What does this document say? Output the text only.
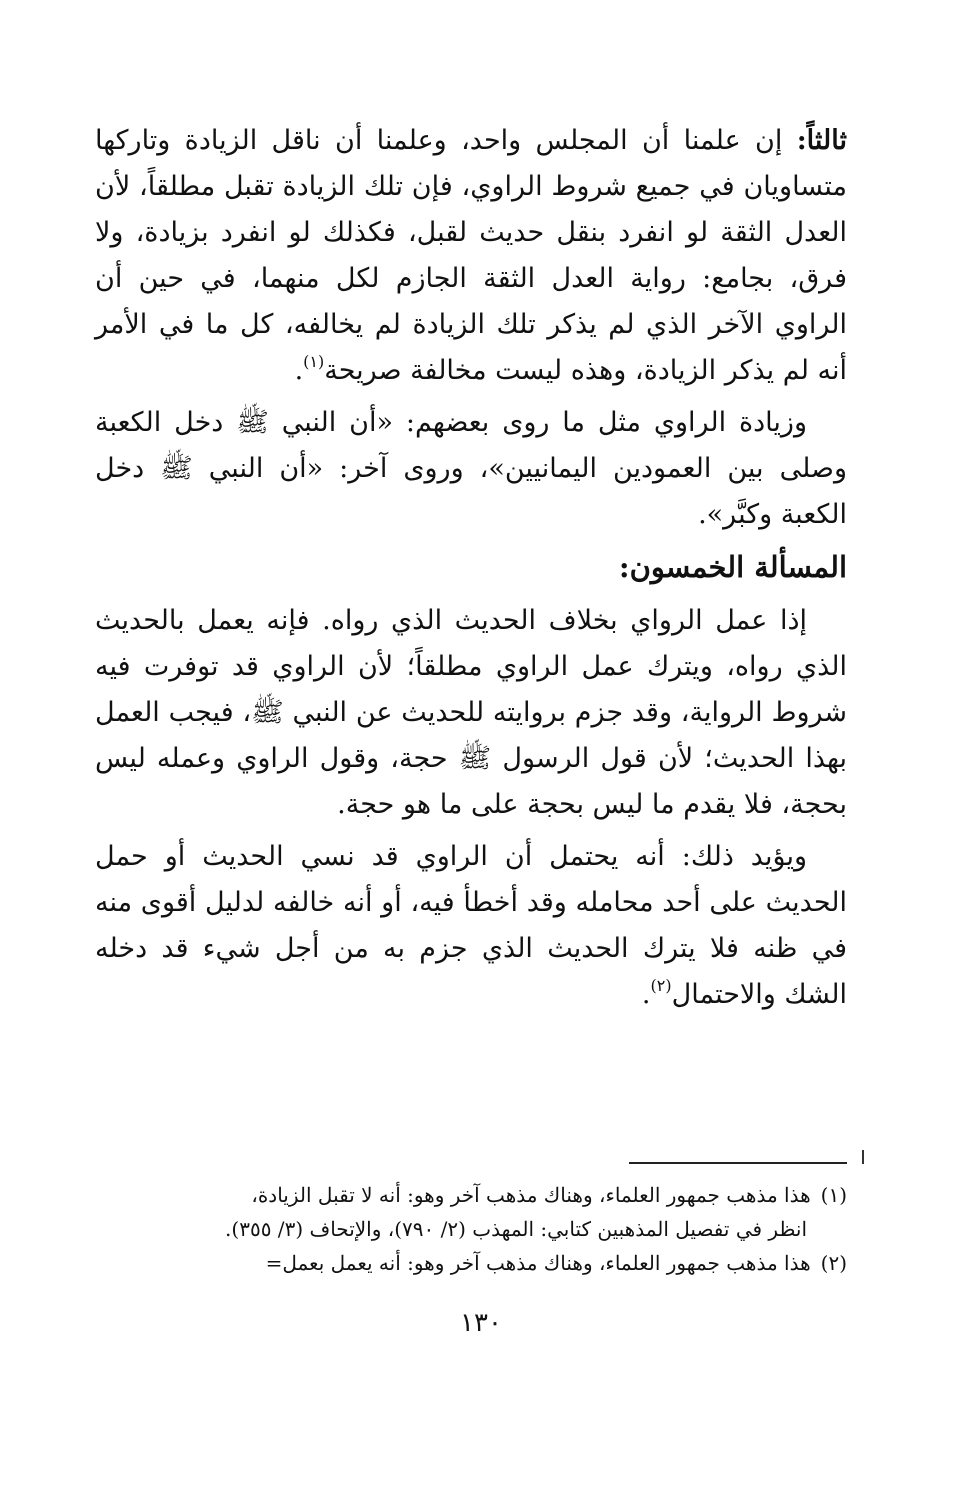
ثالثاً: إن علمنا أن المجلس واحد، وعلمنا أن ناقل الزيادة وتاركها متساويان في جميع شروط الراوي، فإن تلك الزيادة تقبل مطلقاً، لأن العدل الثقة لو انفرد بنقل حديث لقبل، فكذلك لو انفرد بزيادة، ولا فرق، بجامع: رواية العدل الثقة الجازم لكل منهما، في حين أن الراوي الآخر الذي لم يذكر تلك الزيادة لم يخالفه، كل ما في الأمر أنه لم يذكر الزيادة، وهذه ليست مخالفة صريحة$^{(١)}$.

وزيادة الراوي مثل ما روى بعضهم: «أن النبي ﷺ دخل الكعبة وصلى بين العمودين اليمانيين»، وروى آخر: «أن النبي ﷺ دخل الكعبة وكبَّر».

المسألة الخمسون:

إذا عمل الرواي بخلاف الحديث الذي رواه. فإنه يعمل بالحديث الذي رواه، ويترك عمل الراوي مطلقاً؛ لأن الراوي قد توفرت فيه شروط الرواية، وقد جزم بروايته للحديث عن النبي ﷺ، فيجب العمل بهذا الحديث؛ لأن قول الرسول ﷺ حجة، وقول الراوي وعمله ليس بحجة، فلا يقدم ما ليس بحجة على ما هو حجة.

ويؤيد ذلك: أنه يحتمل أن الراوي قد نسي الحديث أو حمل الحديث على أحد محامله وقد أخطأ فيه، أو أنه خالفه لدليل أقوى منه في ظنه فلا يترك الحديث الذي جزم به من أجل شيء قد دخله الشك والاحتمال$^{(٢)}$.

(١)هذا مذهب جمهور العلماء، وهناك مذهب آخر وهو: أنه لا تقبل الزيادة،
انظر في تفصيل المذهبين كتابي: المهذب (٢/ ٧٩٠)، والإتحاف (٣/ ٣٥٥).
(٢)هذا مذهب جمهور العلماء، وهناك مذهب آخر وهو: أنه يعمل بعمل=
١٣٠
